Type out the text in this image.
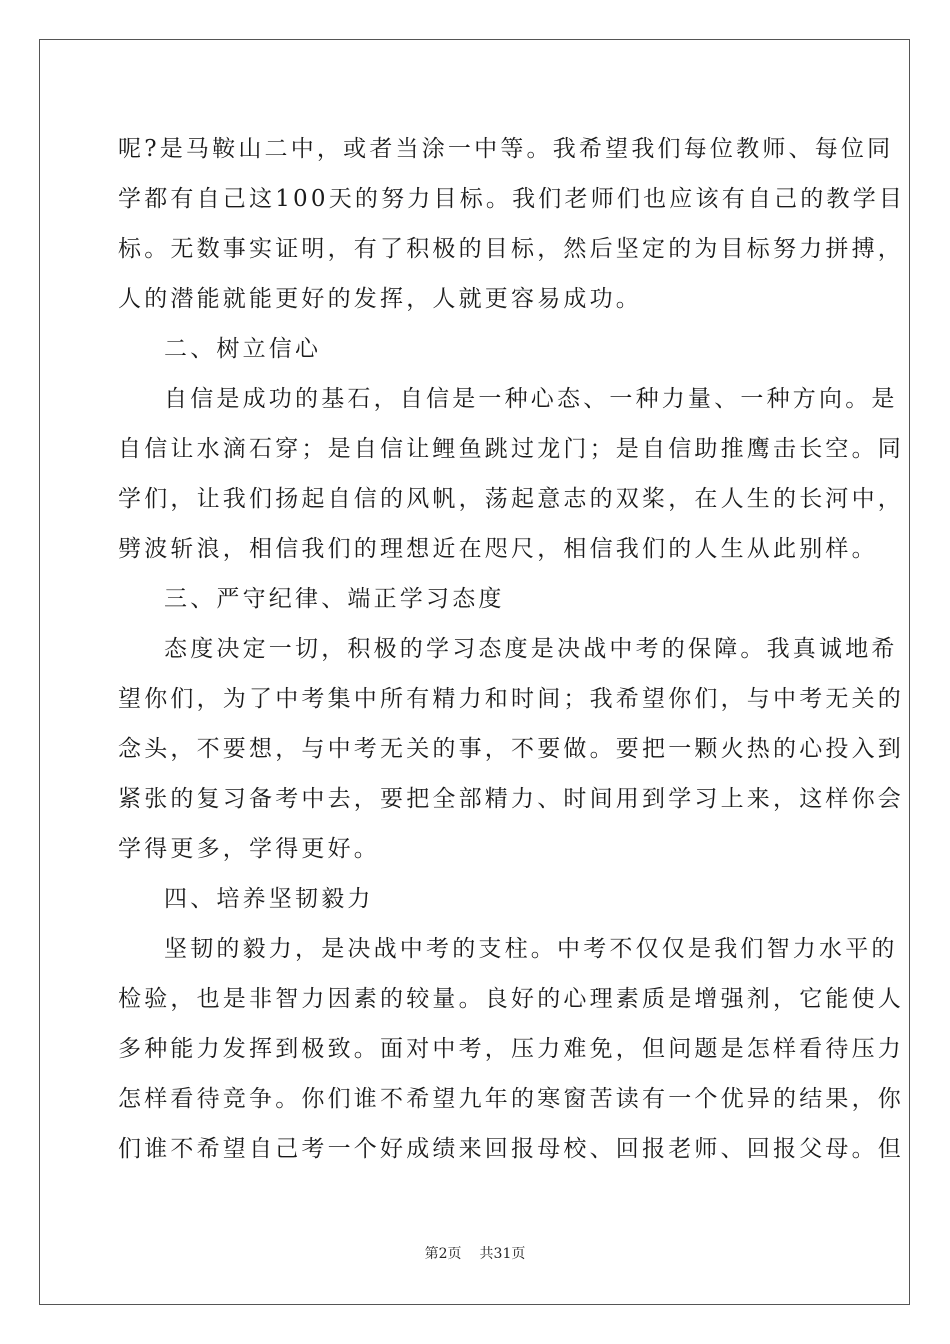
呢?是马鞍山二中，或者当涂一中等。我希望我们每位教师、每位同
学都有自己这100天的努力目标。我们老师们也应该有自己的教学目
标。无数事实证明，有了积极的目标，然后坚定的为目标努力拼搏，
人的潜能就能更好的发挥，人就更容易成功。
二、树立信心
自信是成功的基石，自信是一种心态、一种力量、一种方向。是
自信让水滴石穿；是自信让鲤鱼跳过龙门；是自信助推鹰击长空。同
学们，让我们扬起自信的风帆，荡起意志的双桨，在人生的长河中，
劈波斩浪，相信我们的理想近在咫尺，相信我们的人生从此别样。
三、严守纪律、端正学习态度
态度决定一切，积极的学习态度是决战中考的保障。我真诚地希
望你们，为了中考集中所有精力和时间；我希望你们，与中考无关的
念头，不要想，与中考无关的事，不要做。要把一颗火热的心投入到
紧张的复习备考中去，要把全部精力、时间用到学习上来，这样你会
学得更多，学得更好。
四、培养坚韧毅力
坚韧的毅力，是决战中考的支柱。中考不仅仅是我们智力水平的
检验，也是非智力因素的较量。良好的心理素质是增强剂，它能使人
多种能力发挥到极致。面对中考，压力难免，但问题是怎样看待压力
怎样看待竞争。你们谁不希望九年的寒窗苦读有一个优异的结果，你
们谁不希望自己考一个好成绩来回报母校、回报老师、回报父母。但
第2页 共31页
